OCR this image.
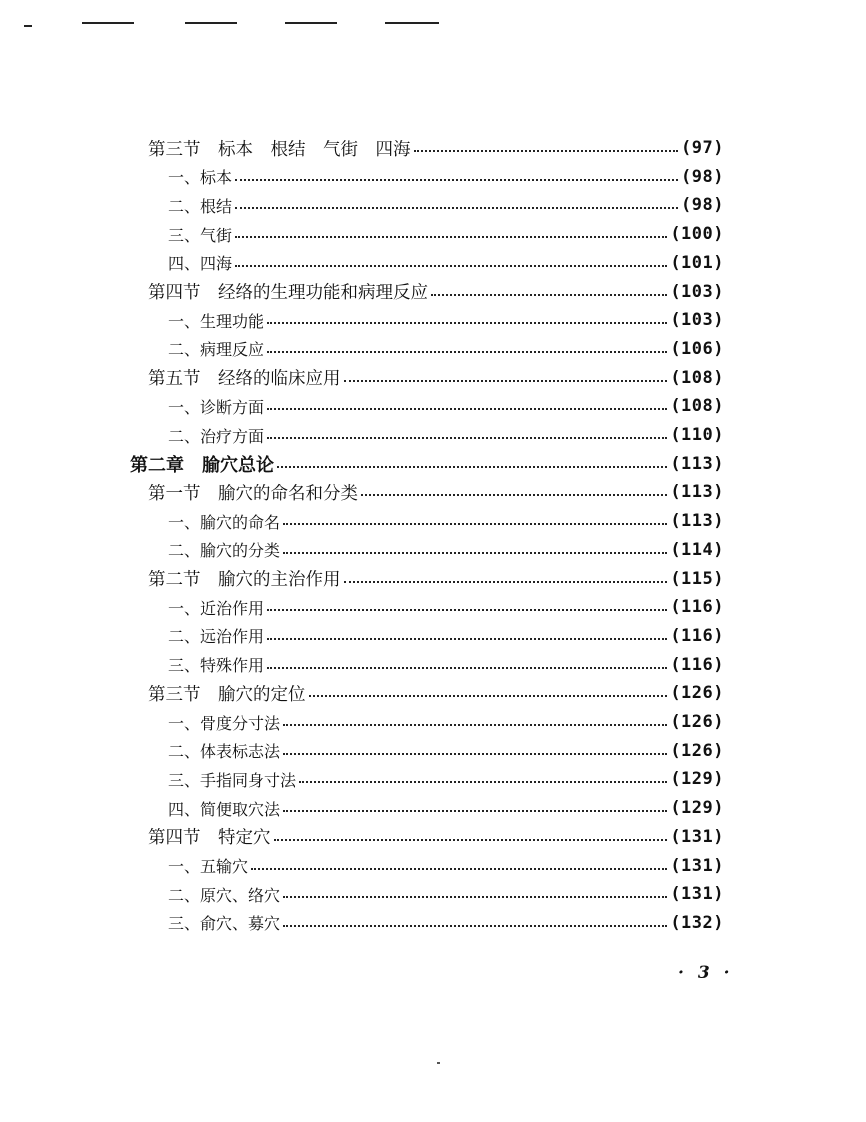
第三节　标本　根结　气街　四海	(97)
一、标本	(98)
二、根结	(98)
三、气街	(100)
四、四海	(101)
第四节　经络的生理功能和病理反应	(103)
一、生理功能	(103)
二、病理反应	(106)
第五节　经络的临床应用	(108)
一、诊断方面	(108)
二、治疗方面	(110)
第二章　腧穴总论	(113)
第一节　腧穴的命名和分类	(113)
一、腧穴的命名	(113)
二、腧穴的分类	(114)
第二节　腧穴的主治作用	(115)
一、近治作用	(116)
二、远治作用	(116)
三、特殊作用	(116)
第三节　腧穴的定位	(126)
一、骨度分寸法	(126)
二、体表标志法	(126)
三、手指同身寸法	(129)
四、简便取穴法	(129)
第四节　特定穴	(131)
一、五输穴	(131)
二、原穴、络穴	(131)
三、俞穴、募穴	(132)
· 3 ·
